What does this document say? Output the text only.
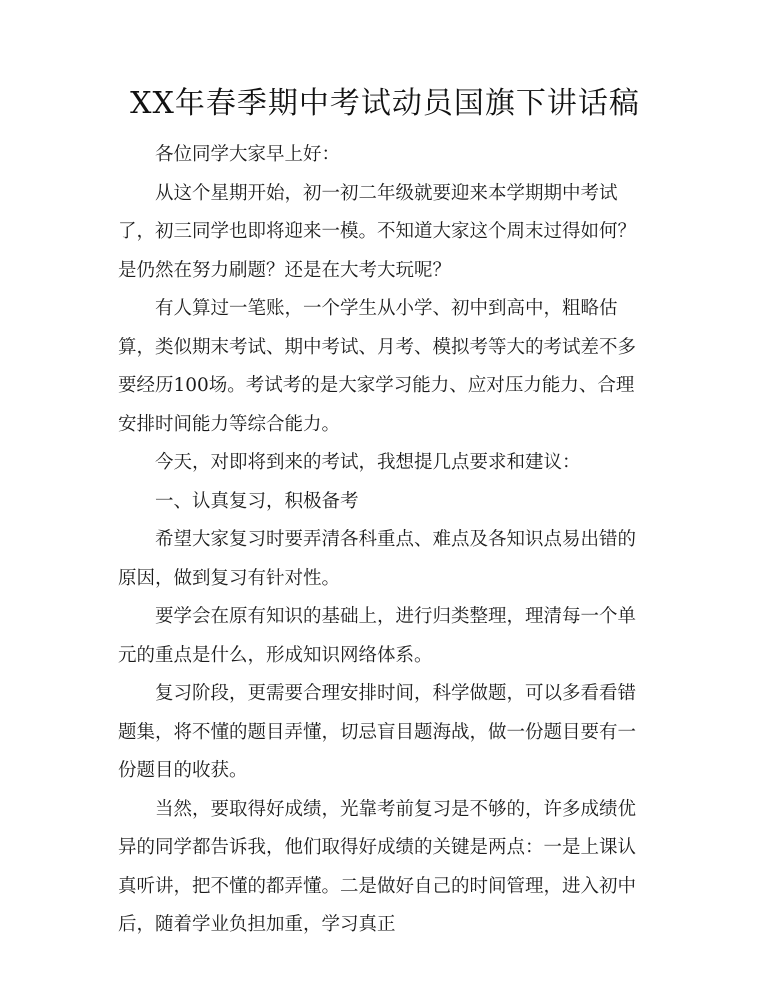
XX年春季期中考试动员国旗下讲话稿

各位同学大家早上好：

从这个星期开始，初一初二年级就要迎来本学期期中考试了，初三同学也即将迎来一模。不知道大家这个周末过得如何？是仍然在努力刷题？还是在大考大玩呢？

有人算过一笔账，一个学生从小学、初中到高中，粗略估算，类似期末考试、期中考试、月考、模拟考等大的考试差不多要经历100场。考试考的是大家学习能力、应对压力能力、合理安排时间能力等综合能力。

今天，对即将到来的考试，我想提几点要求和建议：

一、认真复习，积极备考

希望大家复习时要弄清各科重点、难点及各知识点易出错的原因，做到复习有针对性。

要学会在原有知识的基础上，进行归类整理，理清每一个单元的重点是什么，形成知识网络体系。

复习阶段，更需要合理安排时间，科学做题，可以多看看错题集，将不懂的题目弄懂，切忌盲目题海战，做一份题目要有一份题目的收获。

当然，要取得好成绩，光靠考前复习是不够的，许多成绩优异的同学都告诉我，他们取得好成绩的关键是两点：一是上课认真听讲，把不懂的都弄懂。二是做好自己的时间管理，进入初中后，随着学业负担加重，学习真正
